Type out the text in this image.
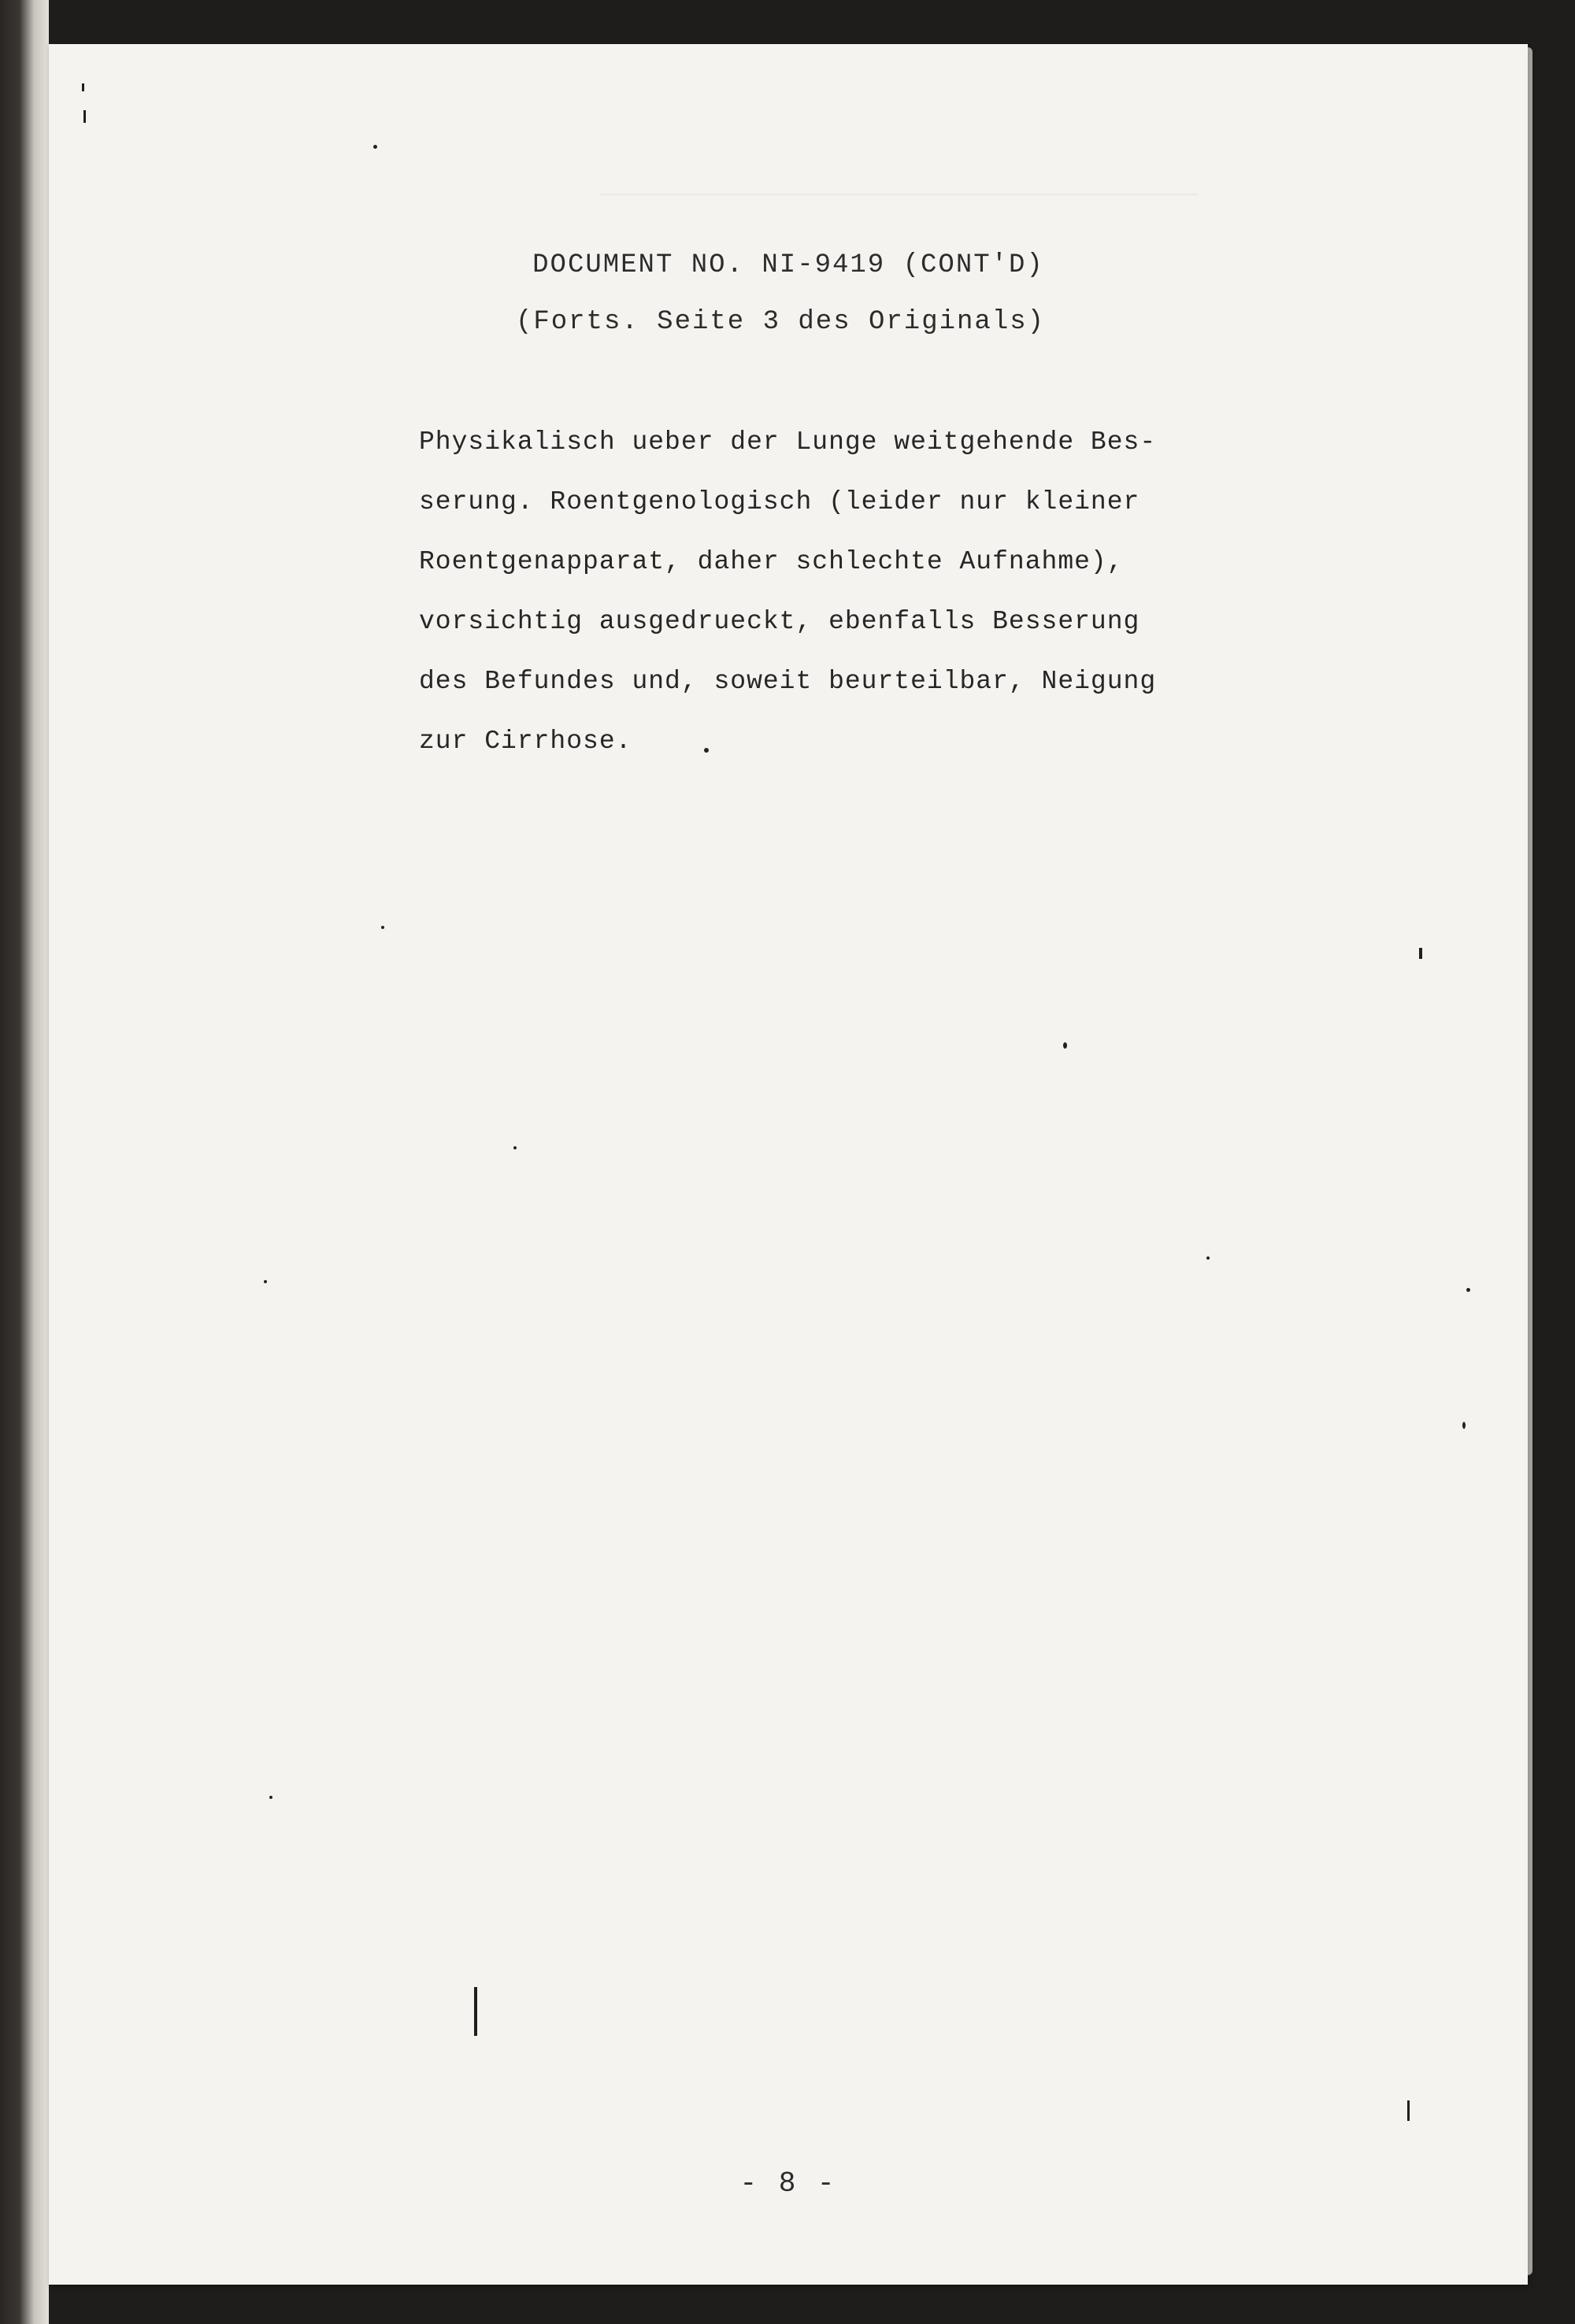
DOCUMENT NO. NI-9419 (CONT'D)
(Forts. Seite 3 des Originals)
Physikalisch ueber der Lunge weitgehende Bes-
serung. Roentgenologisch (leider nur kleiner
Roentgenapparat, daher schlechte Aufnahme),
vorsichtig ausgedrueckt, ebenfalls Besserung
des Befundes und, soweit beurteilbar, Neigung
zur Cirrhose.
- 8 -
